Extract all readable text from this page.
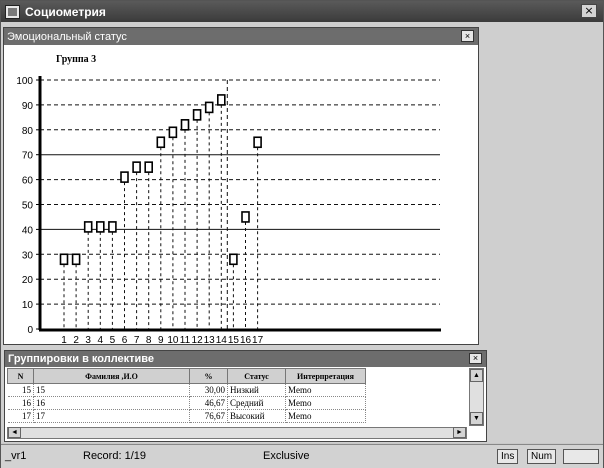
Социометрия	×
Эмоциональный статус	×
Группа 3
0
10
20
30
40
50
60
70
80
90
100
1 2 3 4 5 6 7 8 9 10 11 12 13 14 15 16 17
Группировки в коллективе	×
N	Фамилия ,И.О	%	Статус	Интерпретация	
15	15	30,00	Низкий	Memo	
16	16	46,67	Средний	Memo	
17	17	76,67	Высокий	Memo	
▲
▼
◄	►
_vr1	Record: 1/19	Exclusive	Ins	Num
